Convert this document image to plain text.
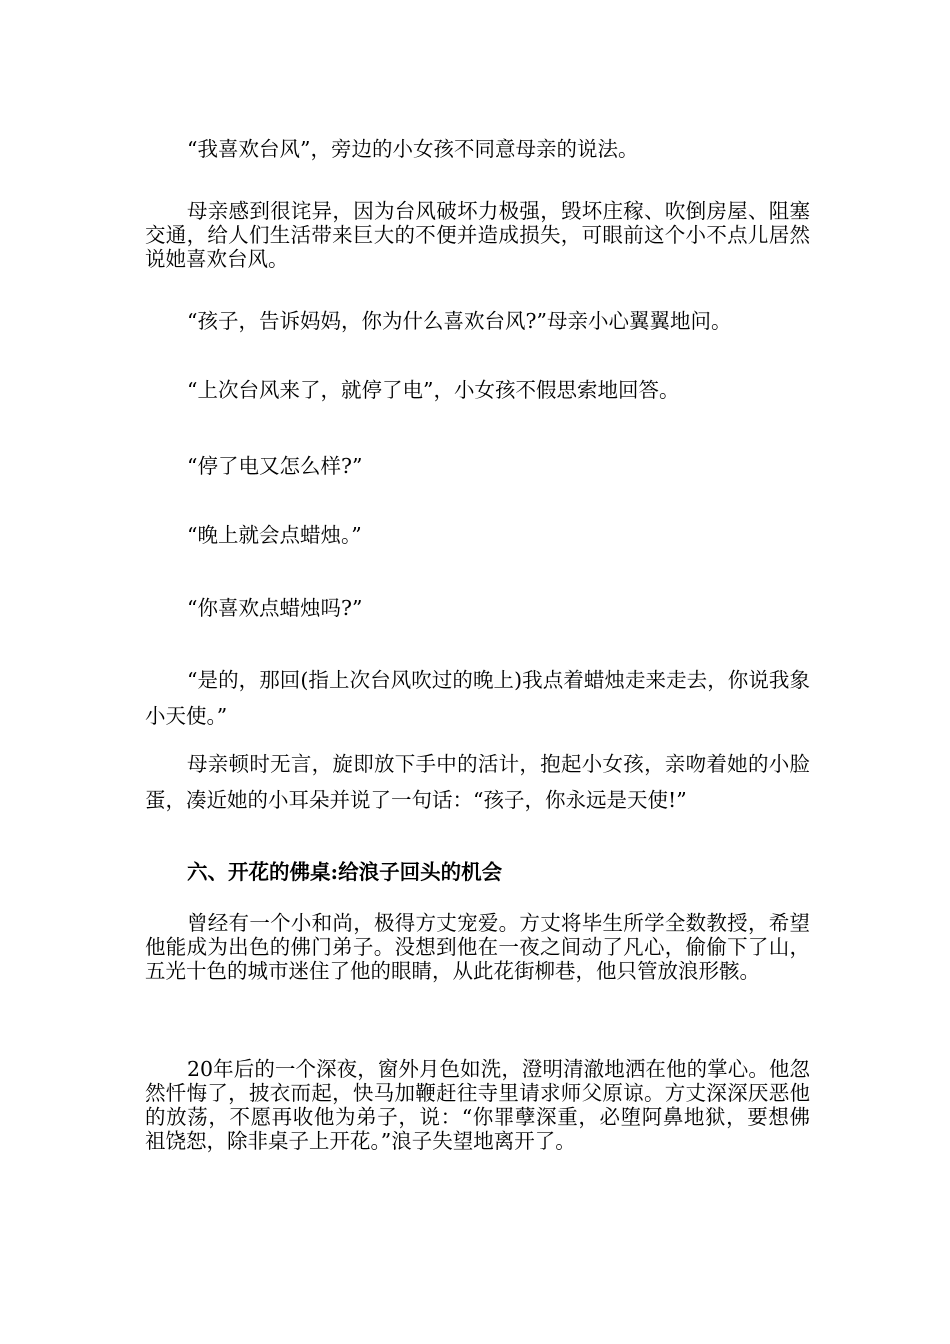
“我喜欢台风”，旁边的小女孩不同意母亲的说法。

母亲感到很诧异，因为台风破坏力极强，毁坏庄稼、吹倒房屋、阻塞交通，给人们生活带来巨大的不便并造成损失，可眼前这个小不点儿居然说她喜欢台风。

“孩子，告诉妈妈，你为什么喜欢台风?”母亲小心翼翼地问。

“上次台风来了，就停了电”，小女孩不假思索地回答。

“停了电又怎么样?”

“晚上就会点蜡烛。”

“你喜欢点蜡烛吗?”

“是的，那回(指上次台风吹过的晚上)我点着蜡烛走来走去，你说我象小天使。”

母亲顿时无言，旋即放下手中的活计，抱起小女孩，亲吻着她的小脸蛋，凑近她的小耳朵并说了一句话：“孩子，你永远是天使!”

六、开花的佛桌:给浪子回头的机会

曾经有一个小和尚，极得方丈宠爱。方丈将毕生所学全数教授，希望他能成为出色的佛门弟子。没想到他在一夜之间动了凡心，偷偷下了山，五光十色的城市迷住了他的眼睛，从此花街柳巷，他只管放浪形骸。

20年后的一个深夜，窗外月色如洗，澄明清澈地洒在他的掌心。他忽然忏悔了，披衣而起，快马加鞭赶往寺里请求师父原谅。方丈深深厌恶他的放荡，不愿再收他为弟子，说：“你罪孽深重，必堕阿鼻地狱，要想佛祖饶恕，除非桌子上开花。”浪子失望地离开了。
